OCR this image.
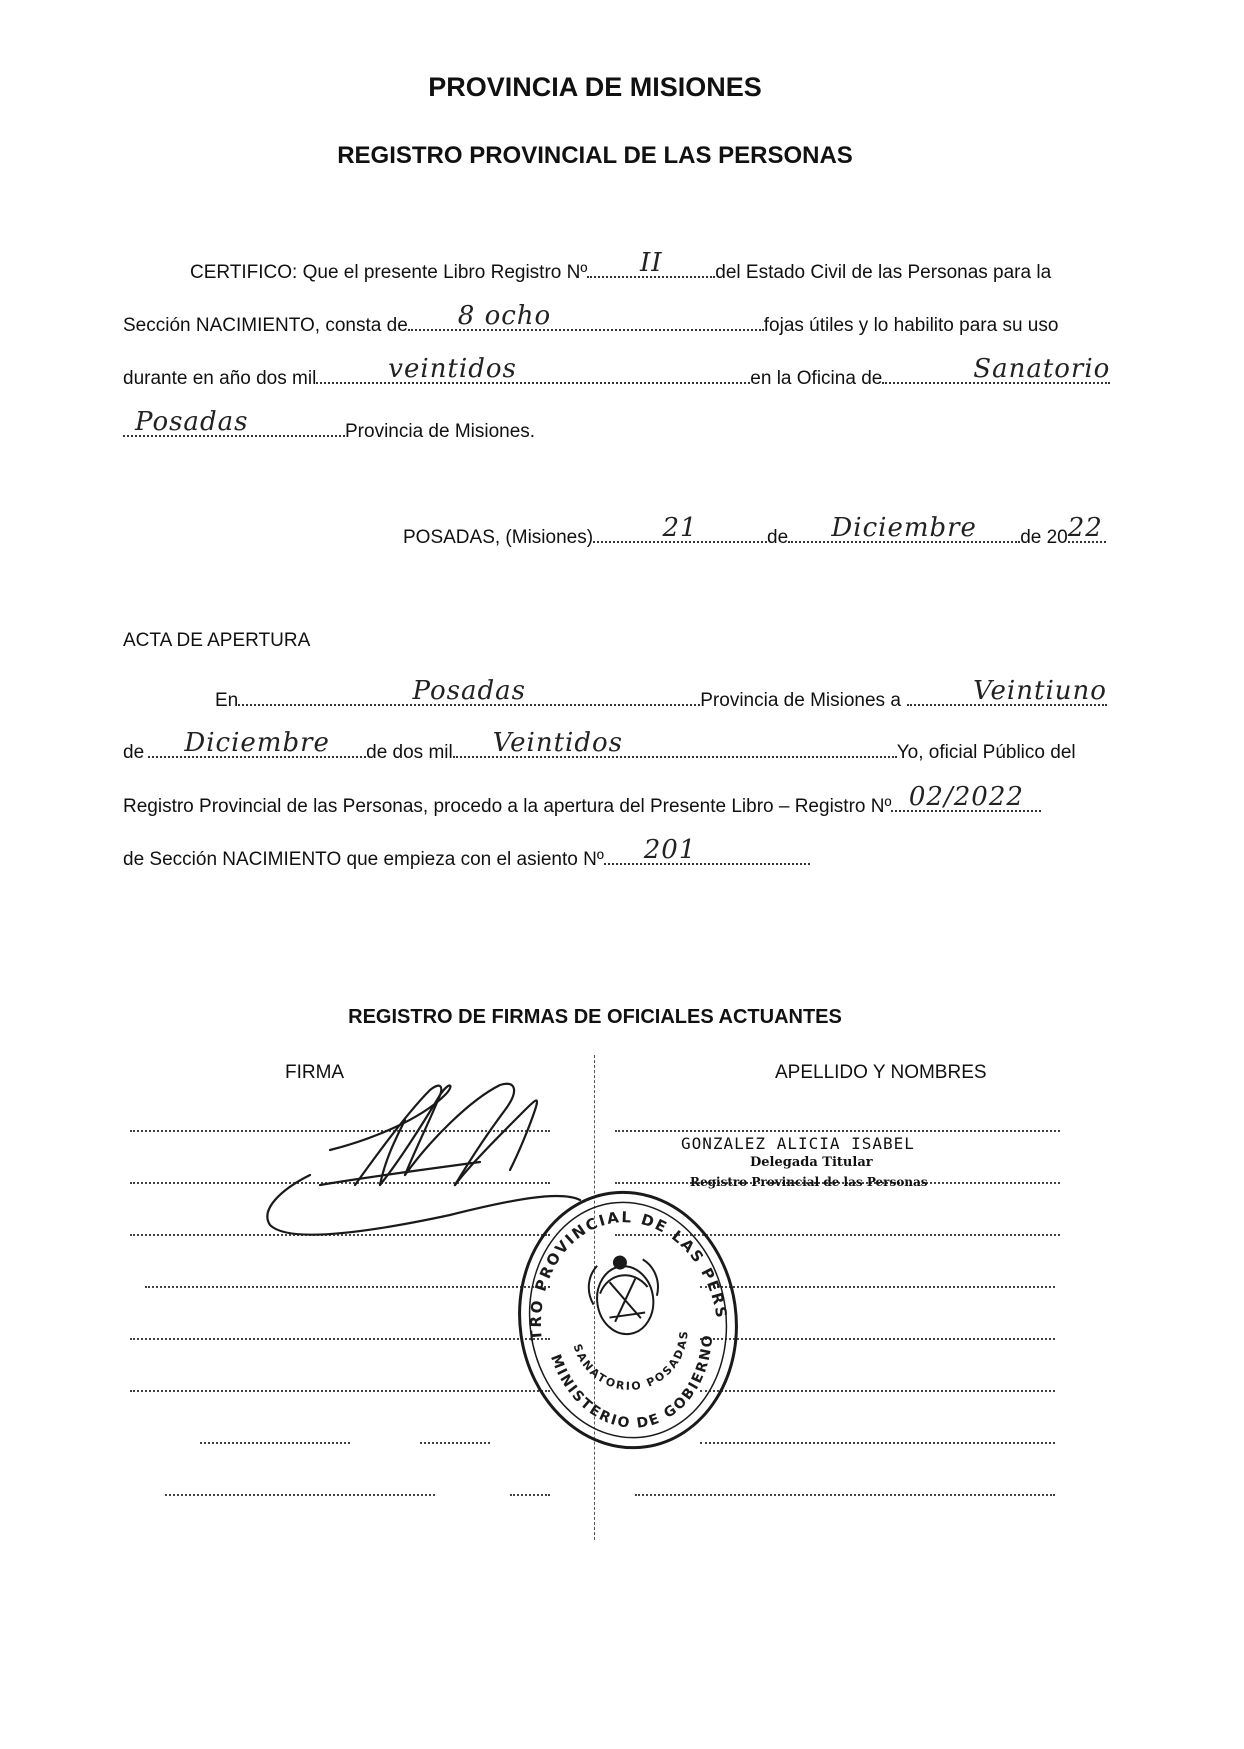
PROVINCIA DE MISIONES
REGISTRO PROVINCIAL DE LAS PERSONAS
CERTIFICO: Que el presente Libro Registro Nº	II	del Estado Civil de las Personas para la
Sección NACIMIENTO, consta de	8 ocho	fojas útiles y lo habilito para su uso
durante en año dos mil	veintidos	en la Oficina de	Sanatorio
Posadas	Provincia de Misiones.
POSADAS, (Misiones)	21	de	Diciembre	de 20 22
ACTA DE APERTURA
En	Posadas	Provincia de Misiones a	Veintiuno
de	Diciembre	de dos mil	Veintidos	Yo, oficial Público del
Registro Provincial de las Personas, procedo a la apertura del Presente Libro – Registro Nº 02/2022
de Sección NACIMIENTO que empieza con el asiento Nº	201
REGISTRO DE FIRMAS DE OFICIALES ACTUANTES
FIRMA	APELLIDO Y NOMBRES
GONZALEZ ALICIA ISABEL
Delegada Titular
Registro Provincial de las Personas
REGISTRO PROVINCIAL DE LAS PERSONAS
MINISTERIO DE GOBIERNO
SANATORIO POSADAS
